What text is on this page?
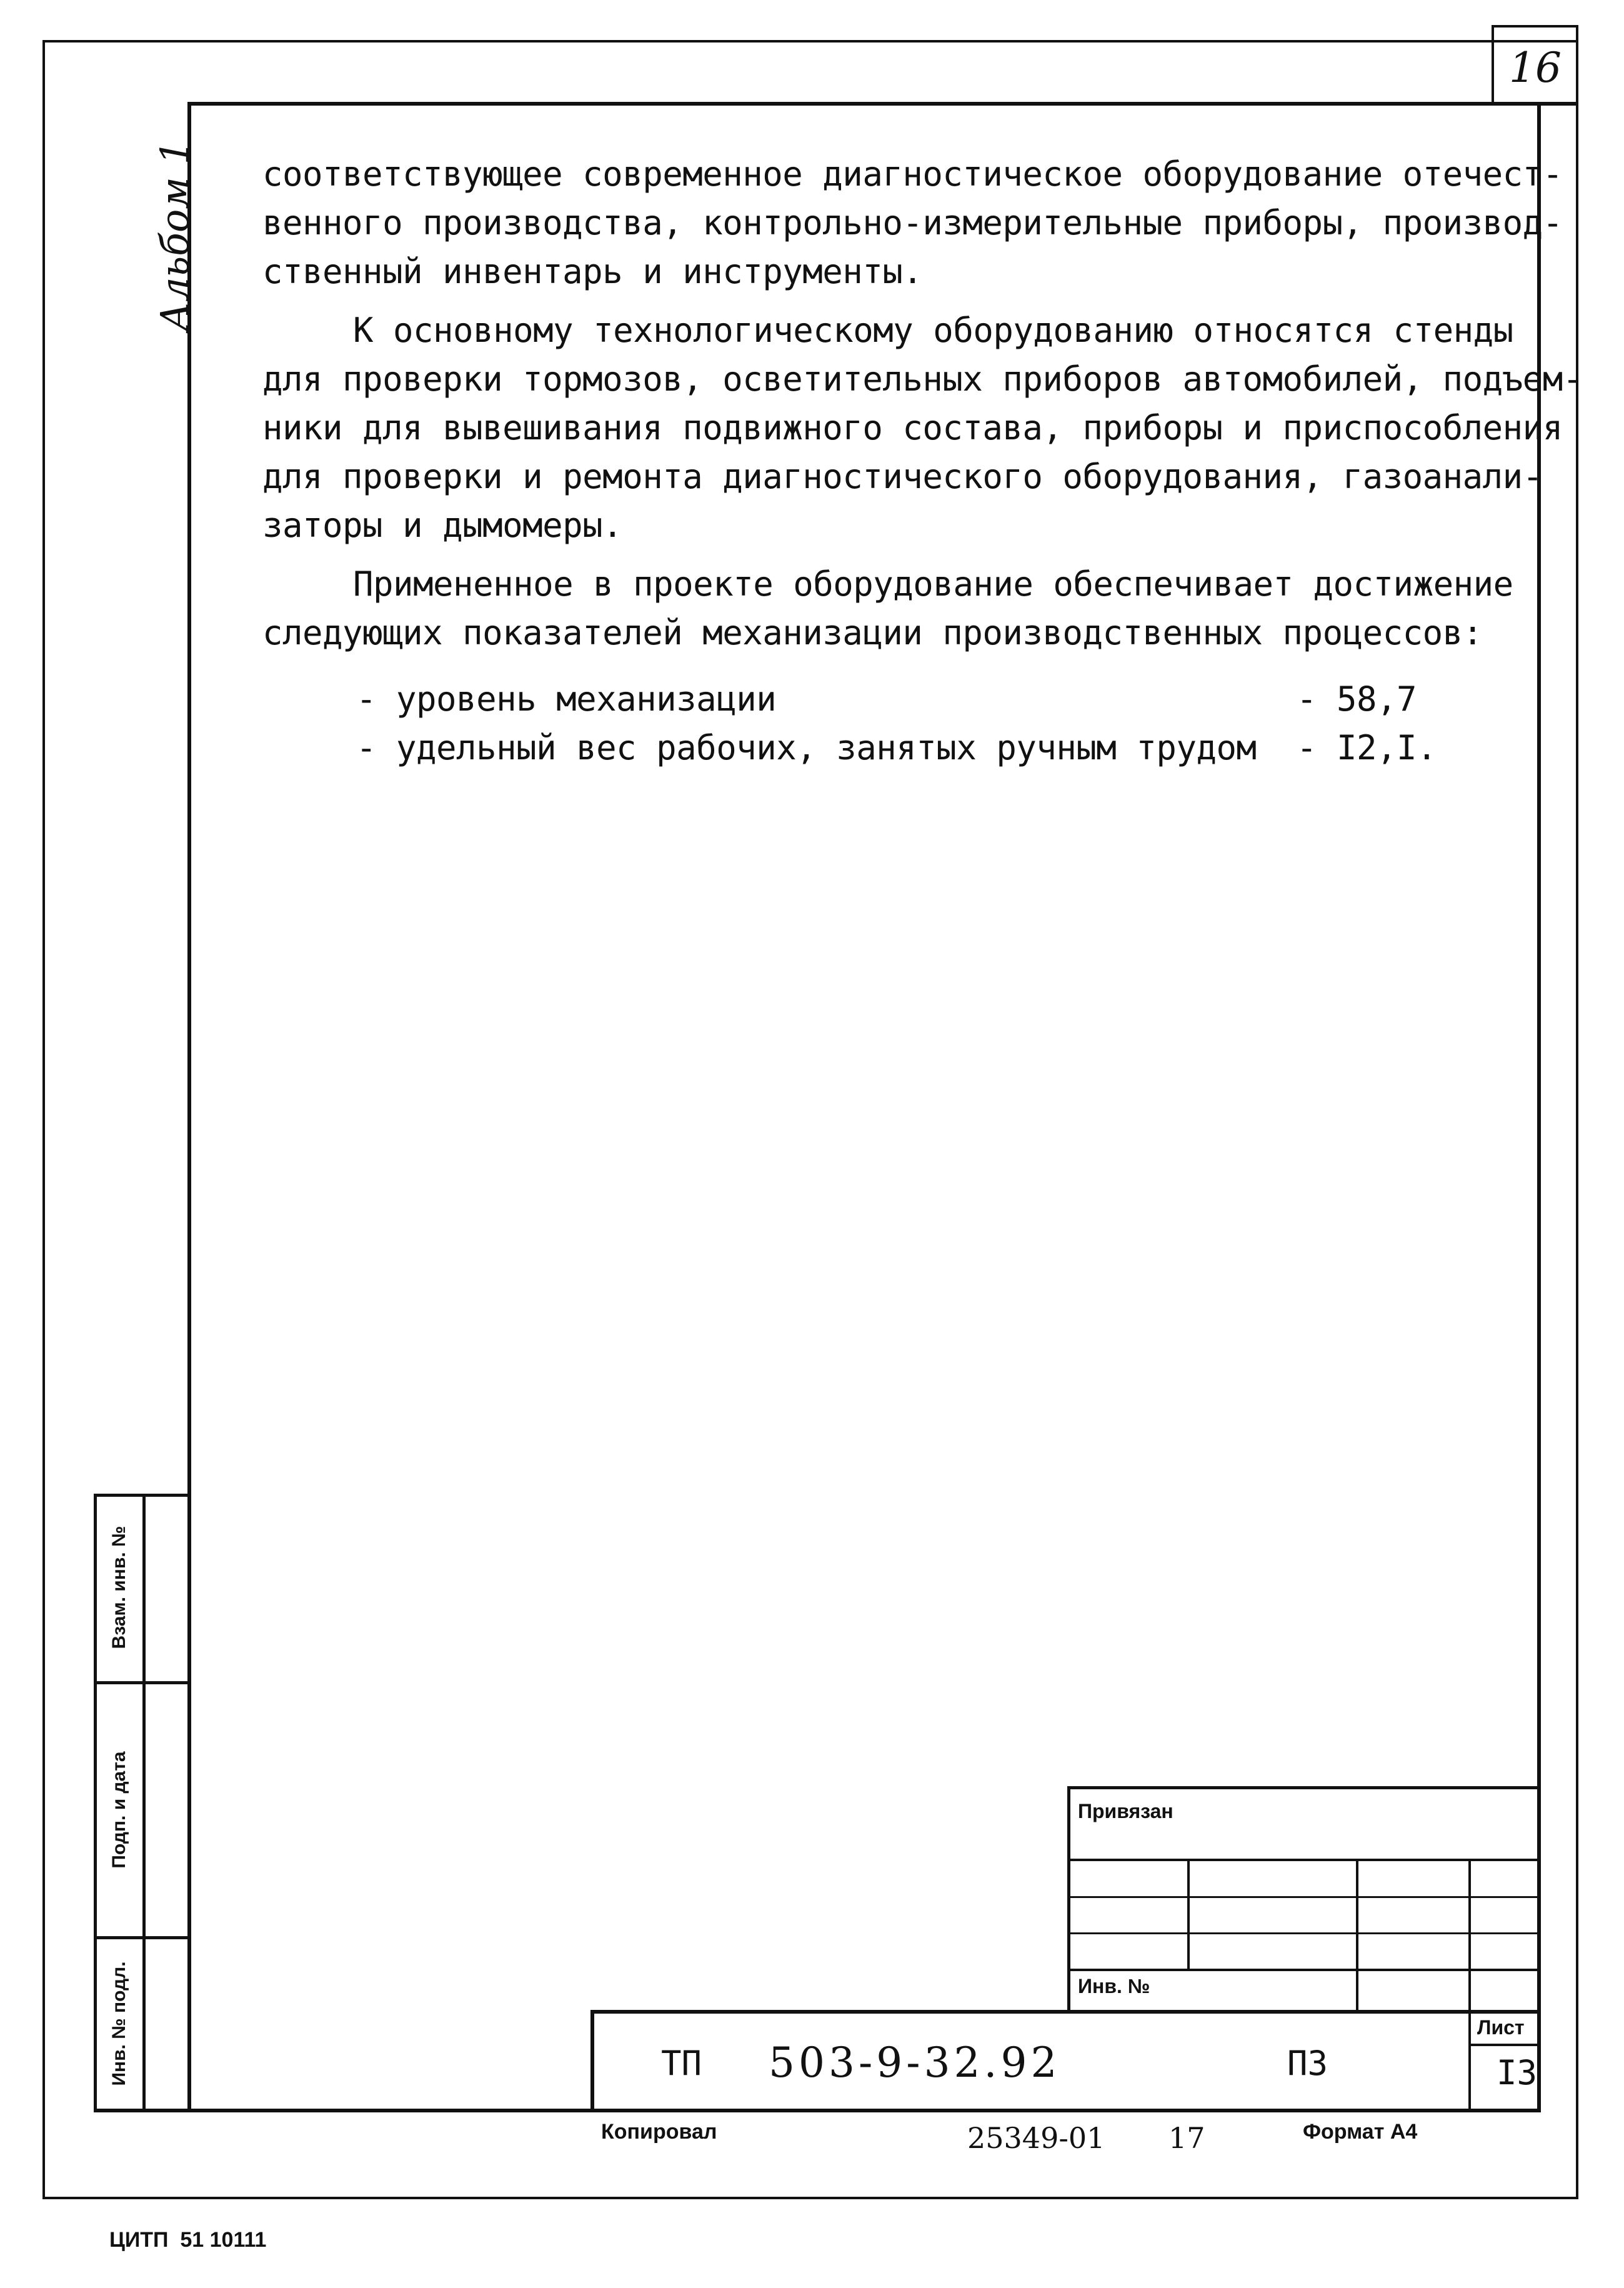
16
Альбом 1 соответствующее современное диагностическое оборудование отечест-
венного производства, контрольно-измерительные приборы, производ-
ственный инвентарь и инструменты.
К основному технологическому оборудованию относятся стенды
для проверки тормозов, осветительных приборов автомобилей, подъем-
ники для вывешивания подвижного состава, приборы и приспособления
для проверки и ремонта диагностического оборудования, газоанали-
заторы и дымомеры.
Примененное в проекте оборудование обеспечивает достижение
следующих показателей механизации производственных процессов:
- уровень механизации	- 58,7
- удельный вес рабочих, занятых ручным трудом - I2,I.
Взам. инв. №
Подп. и дата
Инв. № подл.
Привязан
Инв. №
Лист
I3
ТП 503-9-32.92	ПЗ
Копировал	25349-01 17	Формат А4
ЦИТП  51 10111
